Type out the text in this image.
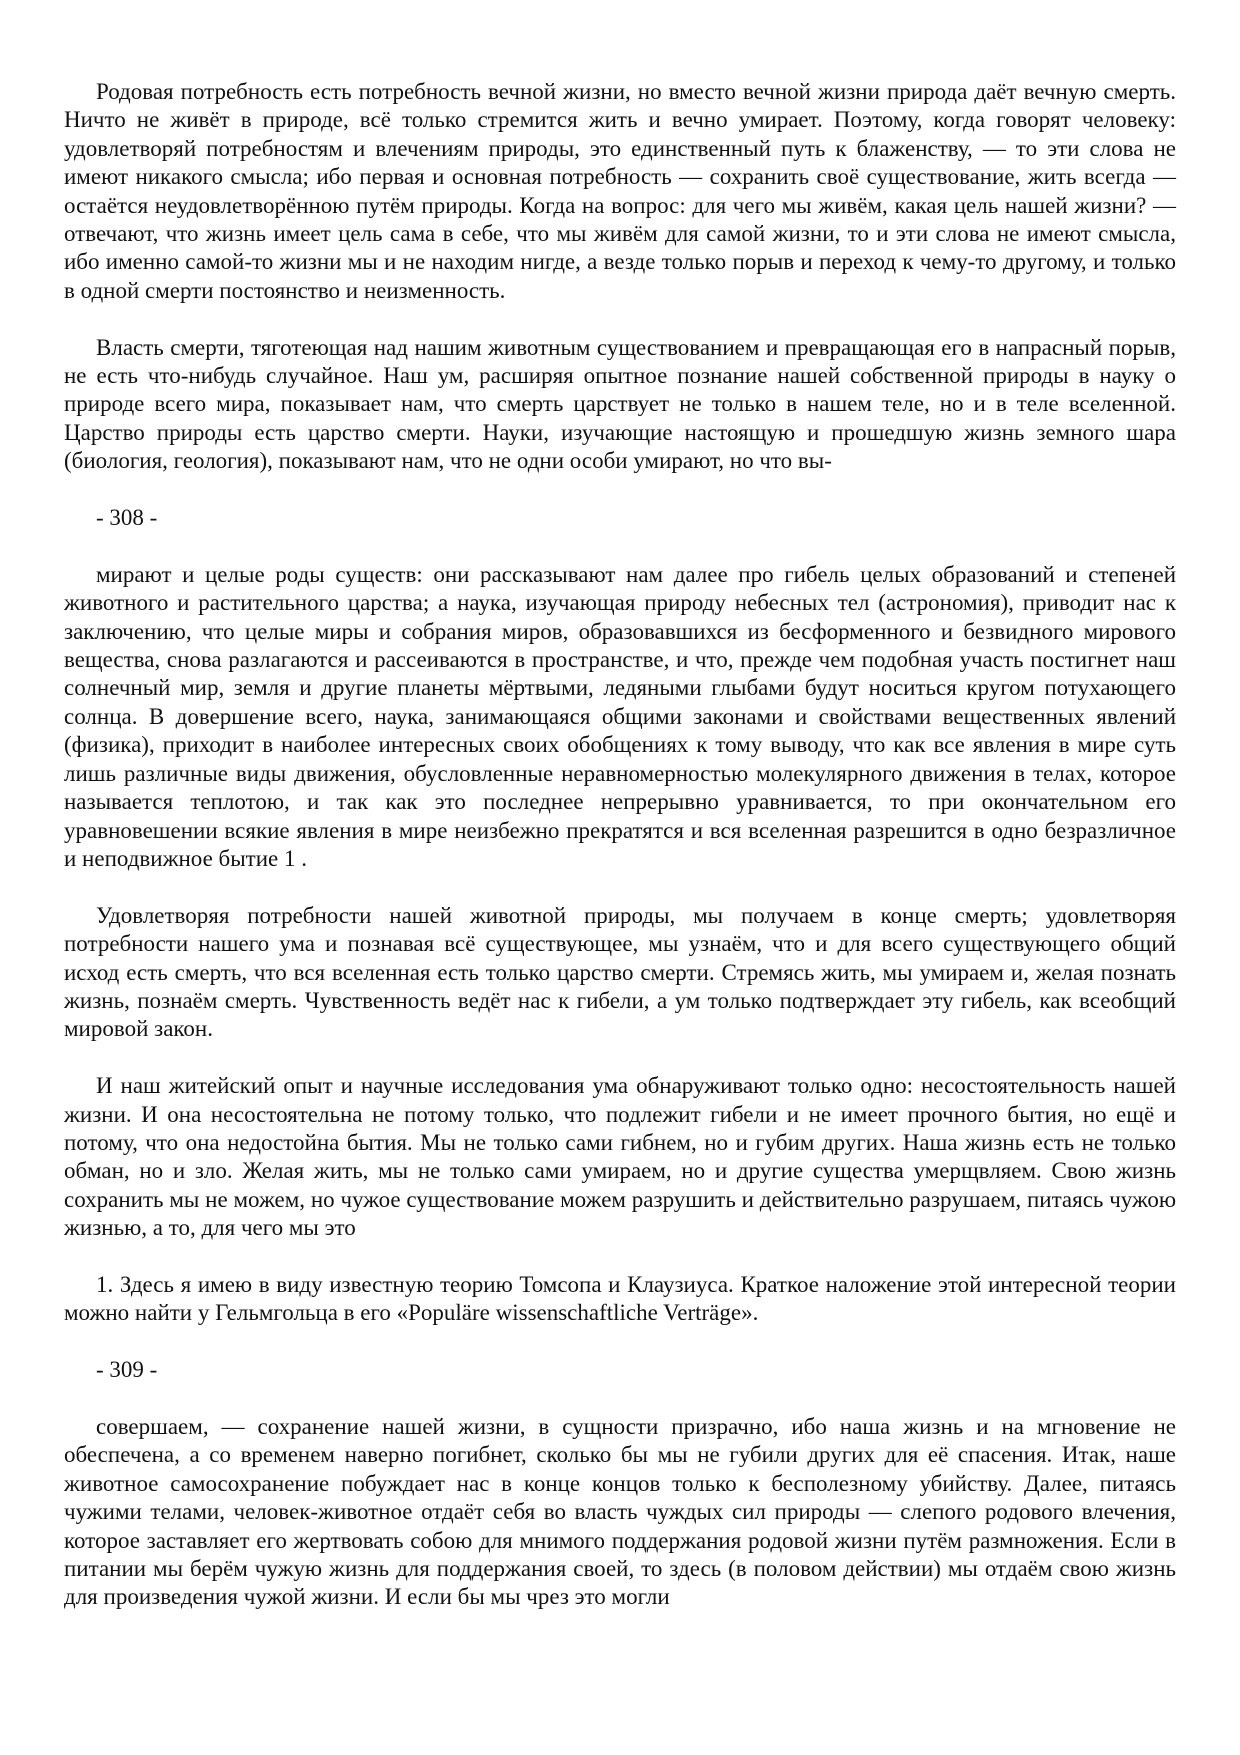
Родовая потребность есть потребность вечной жизни, но вместо вечной жизни природа даёт вечную смерть. Ничто не живёт в природе, всё только стремится жить и вечно умирает. Поэтому, когда говорят человеку: удовлетворяй потребностям и влечениям природы, это единственный путь к блаженству, — то эти слова не имеют никакого смысла; ибо первая и основная потребность — сохранить своё существование, жить всегда — остаётся неудовлетворённою путём природы. Когда на вопрос: для чего мы живём, какая цель нашей жизни? — отвечают, что жизнь имеет цель сама в себе, что мы живём для самой жизни, то и эти слова не имеют смысла, ибо именно самой-то жизни мы и не находим нигде, а везде только порыв и переход к чему-то другому, и только в одной смерти постоянство и неизменность.

Власть смерти, тяготеющая над нашим животным существованием и превращающая его в напрасный порыв, не есть что-нибудь случайное. Наш ум, расширяя опытное познание нашей собственной природы в науку о природе всего мира, показывает нам, что смерть царствует не только в нашем теле, но и в теле вселенной. Царство природы есть царство смерти. Науки, изучающие настоящую и прошедшую жизнь земного шара (биология, геология), показывают нам, что не одни особи умирают, но что вы-

- 308 -

мирают и целые роды существ: они рассказывают нам далее про гибель целых образований и степеней животного и растительного царства; а наука, изучающая природу небесных тел (астрономия), приводит нас к заключению, что целые миры и собрания миров, образовавшихся из бесформенного и безвидного мирового вещества, снова разлагаются и рассеиваются в пространстве, и что, прежде чем подобная участь постигнет наш солнечный мир, земля и другие планеты мёртвыми, ледяными глыбами будут носиться кругом потухающего солнца. В довершение всего, наука, занимающаяся общими законами и свойствами вещественных явлений (физика), приходит в наиболее интересных своих обобщениях к тому выводу, что как все явления в мире суть лишь различные виды движения, обусловленные неравномерностью молекулярного движения в телах, которое называется теплотою, и так как это последнее непрерывно уравнивается, то при окончательном его уравновешении всякие явления в мире неизбежно прекратятся и вся вселенная разрешится в одно безразличное и неподвижное бытие 1 .

Удовлетворяя потребности нашей животной природы, мы получаем в конце смерть; удовлетворяя потребности нашего ума и познавая всё существующее, мы узнаём, что и для всего существующего общий исход есть смерть, что вся вселенная есть только царство смерти. Стремясь жить, мы умираем и, желая познать жизнь, познаём смерть. Чувственность ведёт нас к гибели, а ум только подтверждает эту гибель, как всеобщий мировой закон.

И наш житейский опыт и научные исследования ума обнаруживают только одно: несостоятельность нашей жизни. И она несостоятельна не потому только, что подлежит гибели и не имеет прочного бытия, но ещё и потому, что она недостойна бытия. Мы не только сами гибнем, но и губим других. Наша жизнь есть не только обман, но и зло. Желая жить, мы не только сами умираем, но и другие существа умерщвляем. Свою жизнь сохранить мы не можем, но чужое существование можем разрушить и действительно разрушаем, питаясь чужою жизнью, а то, для чего мы это

1. Здесь я имею в виду известную теорию Томсопа и Клаузиуса. Краткое наложение этой интересной теории можно найти у Гельмгольца в его «Populäre wissenschaftliche Verträge».

- 309 -

совершаем, — сохранение нашей жизни, в сущности призрачно, ибо наша жизнь и на мгновение не обеспечена, а со временем наверно погибнет, сколько бы мы не губили других для её спасения. Итак, наше животное самосохранение побуждает нас в конце концов только к бесполезному убийству. Далее, питаясь чужими телами, человек-животное отдаёт себя во власть чуждых сил природы — слепого родового влечения, которое заставляет его жертвовать собою для мнимого поддержания родовой жизни путём размножения. Если в питании мы берём чужую жизнь для поддержания своей, то здесь (в половом действии) мы отдаём свою жизнь для произведения чужой жизни. И если бы мы чрез это могли
